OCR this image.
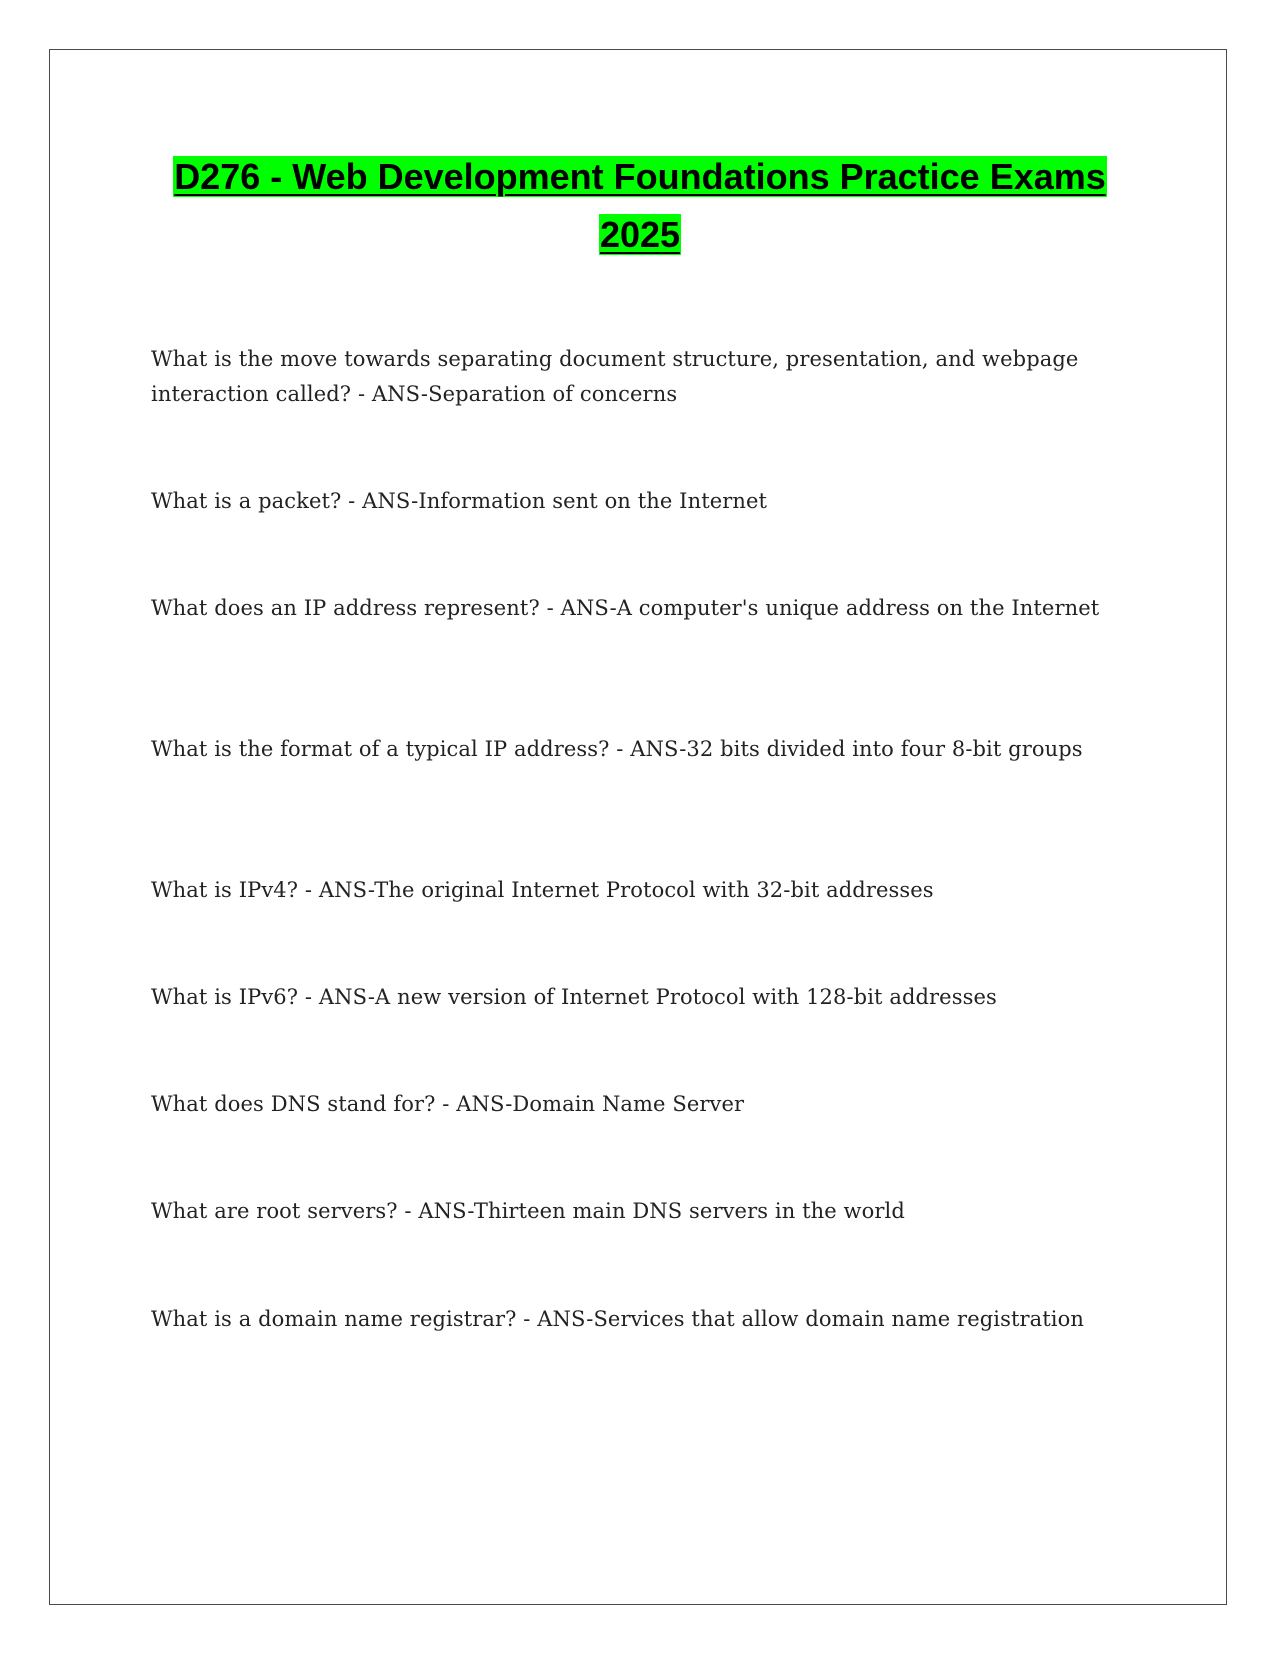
D276 - Web Development Foundations Practice Exams
2025

What is the move towards separating document structure, presentation, and webpage interaction called? - ANS-Separation of concerns

What is a packet? - ANS-Information sent on the Internet

What does an IP address represent? - ANS-A computer's unique address on the Internet

What is the format of a typical IP address? - ANS-32 bits divided into four 8-bit groups

What is IPv4? - ANS-The original Internet Protocol with 32-bit addresses

What is IPv6? - ANS-A new version of Internet Protocol with 128-bit addresses

What does DNS stand for? - ANS-Domain Name Server

What are root servers? - ANS-Thirteen main DNS servers in the world

What is a domain name registrar? - ANS-Services that allow domain name registration
